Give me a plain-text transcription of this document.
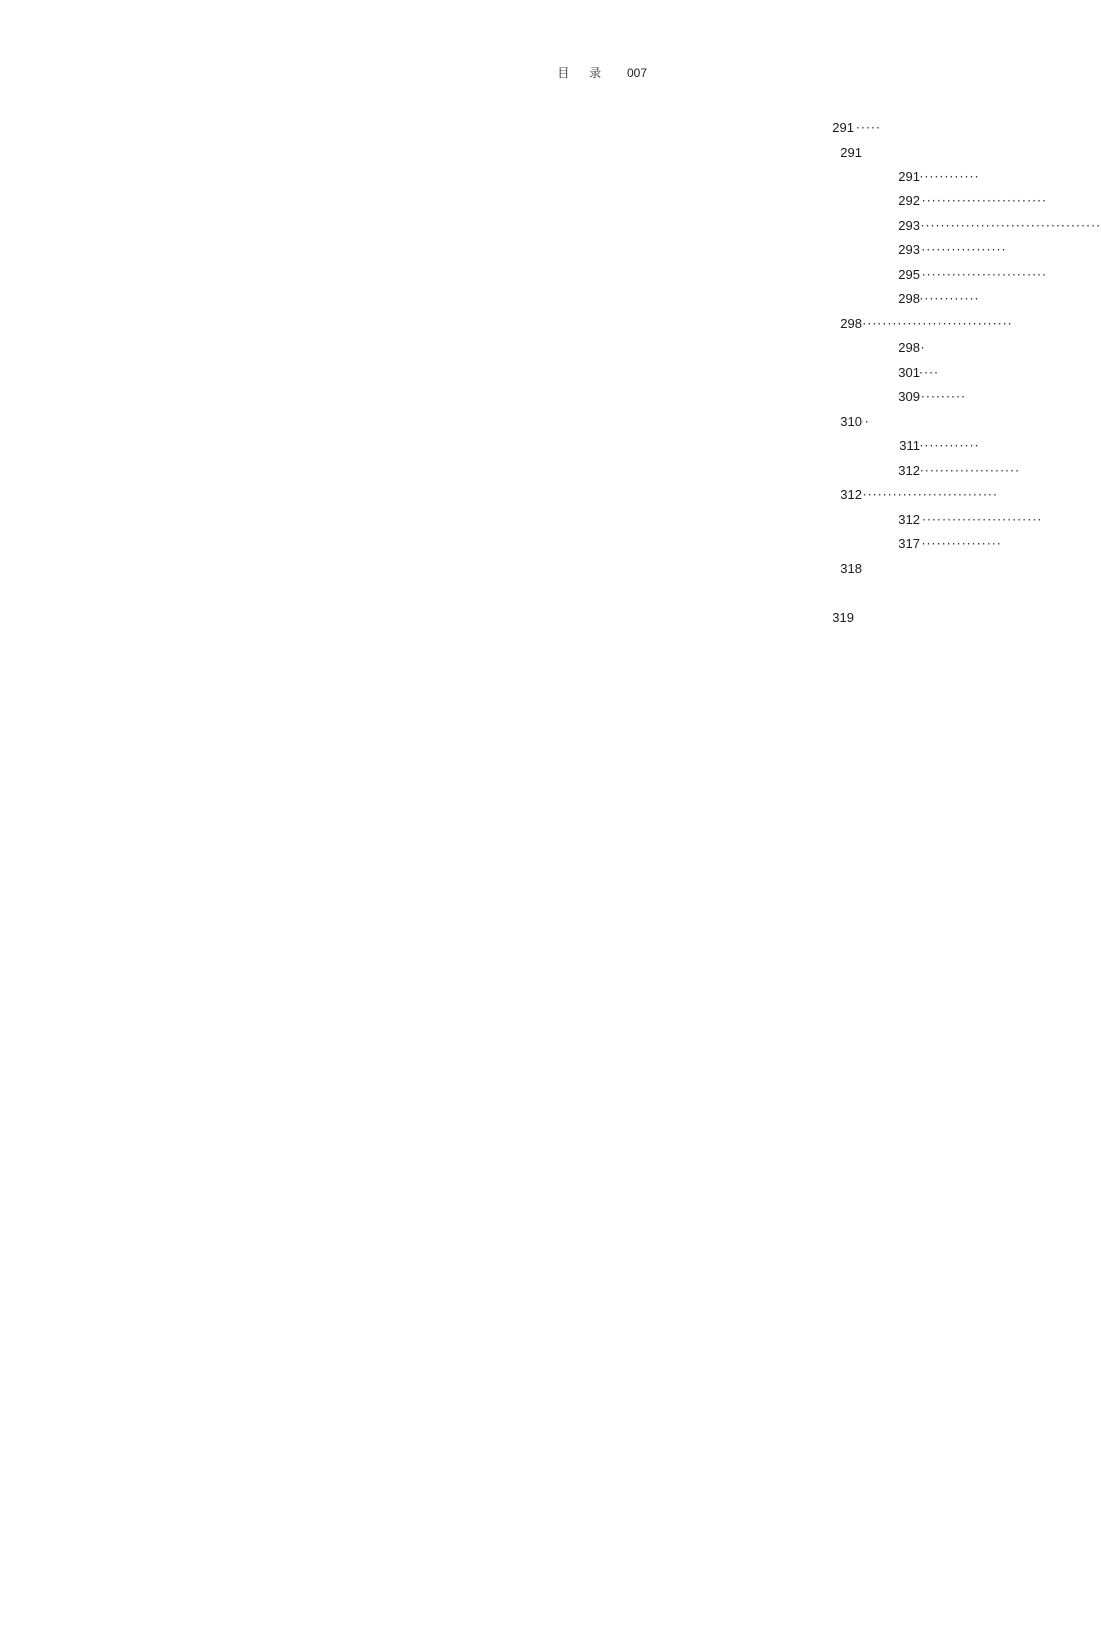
目 录 007
·····
291
·····
291
·····
291
·····
292
·····
293
·····
293
·····
295
·····
298
·····
298
·····
298
·····
301
·····
309
·····
310
·····
311
·····
312
·····
312
·····
312
·····
317
·····
318
·····
319
